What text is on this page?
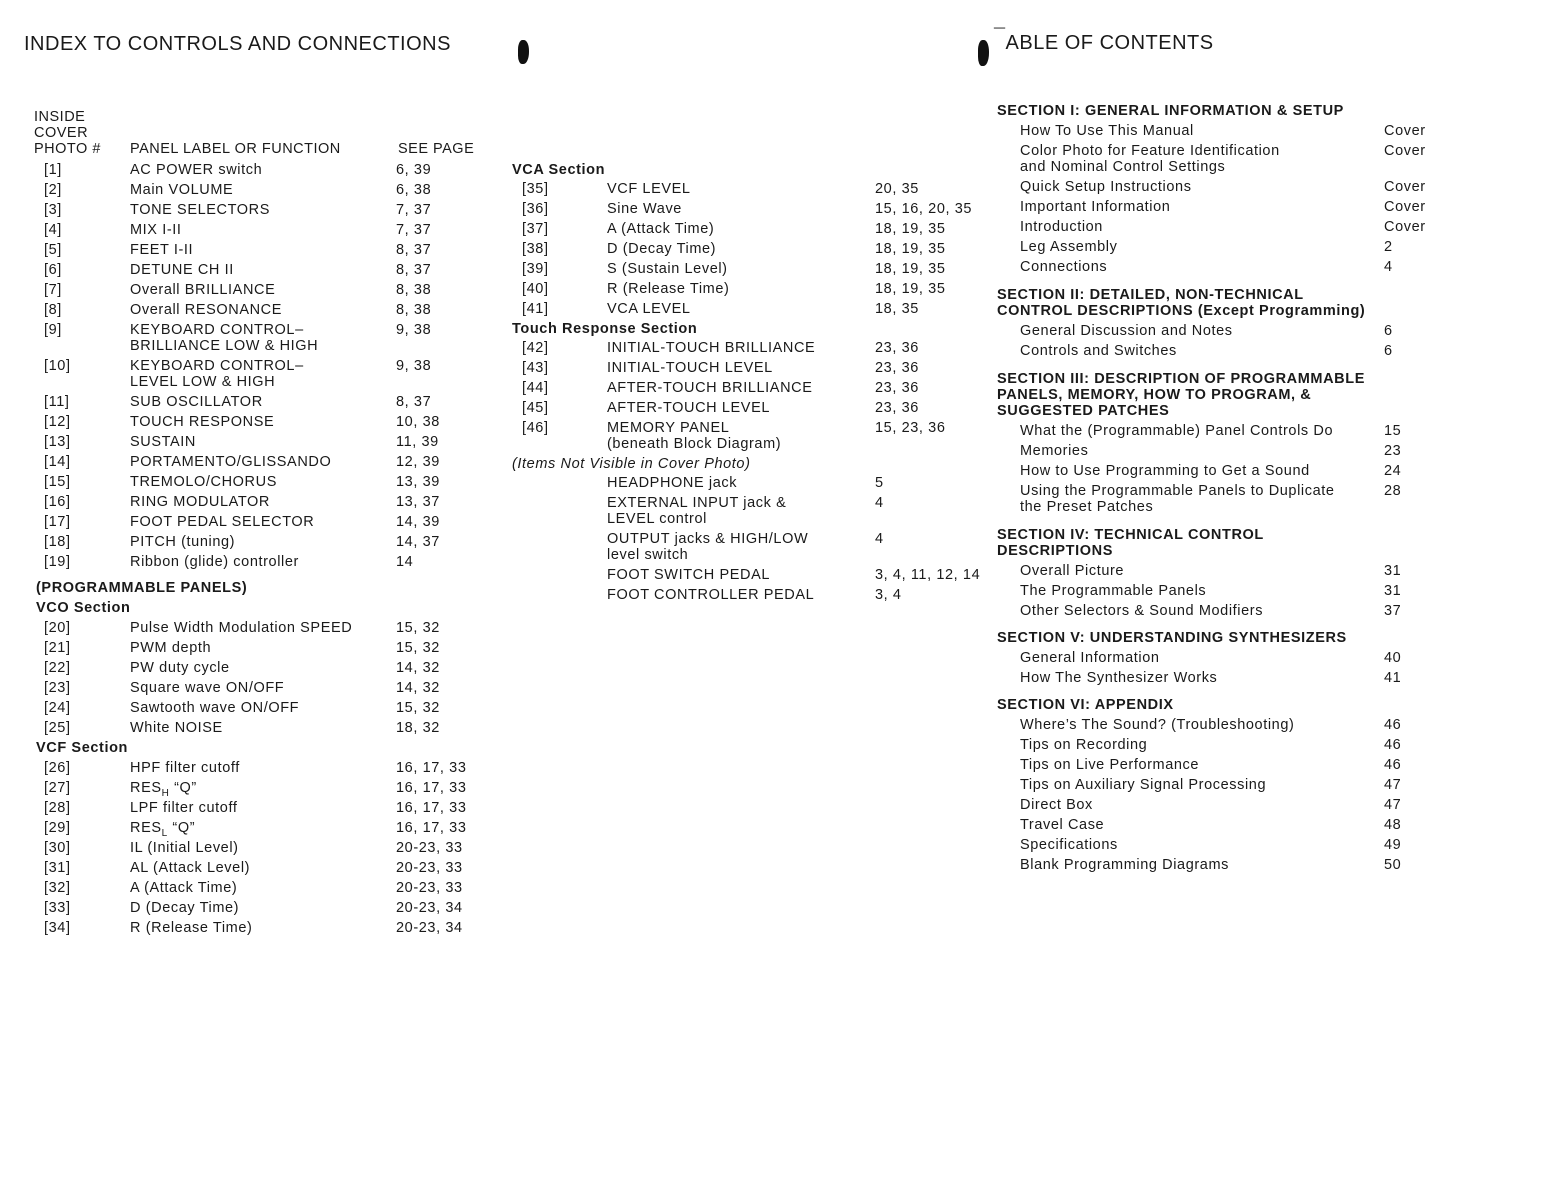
INDEX TO CONTROLS AND CONNECTIONS
INSIDE
COVER
PHOTO # PANEL LABEL OR FUNCTION	SEE PAGE
(PROGRAMMABLE PANELS)
VCO Section
VCF Section
[1]	AC POWER switch	6, 39
[2]	Main VOLUME	6, 38
[3]	TONE SELECTORS	7, 37
[4]	MIX I-II	7, 37
[5]	FEET I-II	8, 37
[6]	DETUNE CH II	8, 37
[7]	Overall BRILLIANCE	8, 38
[8]	Overall RESONANCE	8, 38
[9]	KEYBOARD CONTROL–	9, 38
BRILLIANCE LOW & HIGH
[10]	KEYBOARD CONTROL–	9, 38
LEVEL LOW & HIGH
[11]	SUB OSCILLATOR	8, 37
[12]	TOUCH RESPONSE	10, 38
[13]	SUSTAIN	11, 39
[14]	PORTAMENTO/GLISSANDO	12, 39
[15]	TREMOLO/CHORUS	13, 39
[16]	RING MODULATOR	13, 37
[17]	FOOT PEDAL SELECTOR	14, 39
[18]	PITCH (tuning)	14, 37
[19]	Ribbon (glide) controller	14
[20]	Pulse Width Modulation SPEED	15, 32
[21]	PWM depth	15, 32
[22]	PW duty cycle	14, 32
[23]	Square wave ON/OFF	14, 32
[24]	Sawtooth wave ON/OFF	15, 32
[25]	White NOISE	18, 32
[26]	HPF filter cutoff	16, 17, 33
[27]	$RES_H$ “Q”	16, 17, 33
[28]	LPF filter cutoff	16, 17, 33
[29]	$RES_L$ “Q”	16, 17, 33
[30]	IL (Initial Level)	20-23, 33
[31]	AL (Attack Level)	20-23, 33
[32]	A (Attack Time)	20-23, 33
[33]	D (Decay Time)	20-23, 34
[34]	R (Release Time)	20-23, 34
VCA Section
Touch Response Section
(Items Not Visible in Cover Photo)
[35]	VCF LEVEL	20, 35
[36]	Sine Wave	15, 16, 20, 35
[37]	A (Attack Time)	18, 19, 35
[38]	D (Decay Time)	18, 19, 35
[39]	S (Sustain Level)	18, 19, 35
[40]	R (Release Time)	18, 19, 35
[41]	VCA LEVEL	18, 35
[42]	INITIAL-TOUCH BRILLIANCE	23, 36
[43]	INITIAL-TOUCH LEVEL	23, 36
[44]	AFTER-TOUCH BRILLIANCE	23, 36
[45]	AFTER-TOUCH LEVEL	23, 36
[46]	MEMORY PANEL	15, 23, 36
(beneath Block Diagram)
HEADPHONE jack	5
EXTERNAL INPUT jack &	4
LEVEL control
OUTPUT jacks & HIGH/LOW	4
level switch
FOOT SWITCH PEDAL	3, 4, 11, 12, 14
FOOT CONTROLLER PEDAL	3, 4
¯ABLE OF CONTENTS
SECTION I: GENERAL INFORMATION & SETUP
How To Use This Manual	Cover
Color Photo for Feature Identification	Cover
and Nominal Control Settings
Quick Setup Instructions	Cover
Important Information	Cover
Introduction	Cover
Leg Assembly	2
Connections	4
SECTION II: DETAILED, NON-TECHNICAL
CONTROL DESCRIPTIONS (Except Programming)
General Discussion and Notes	6
Controls and Switches	6
SECTION III: DESCRIPTION OF PROGRAMMABLE
PANELS, MEMORY, HOW TO PROGRAM, &
SUGGESTED PATCHES
What the (Programmable) Panel Controls Do	15
Memories	23
How to Use Programming to Get a Sound	24
Using the Programmable Panels to Duplicate	28
the Preset Patches
SECTION IV: TECHNICAL CONTROL
DESCRIPTIONS
Overall Picture	31
The Programmable Panels	31
Other Selectors & Sound Modifiers	37
SECTION V: UNDERSTANDING SYNTHESIZERS
General Information	40
How The Synthesizer Works	41
SECTION VI: APPENDIX
Where’s The Sound? (Troubleshooting)	46
Tips on Recording	46
Tips on Live Performance	46
Tips on Auxiliary Signal Processing	47
Direct Box	47
Travel Case	48
Specifications	49
Blank Programming Diagrams	50
